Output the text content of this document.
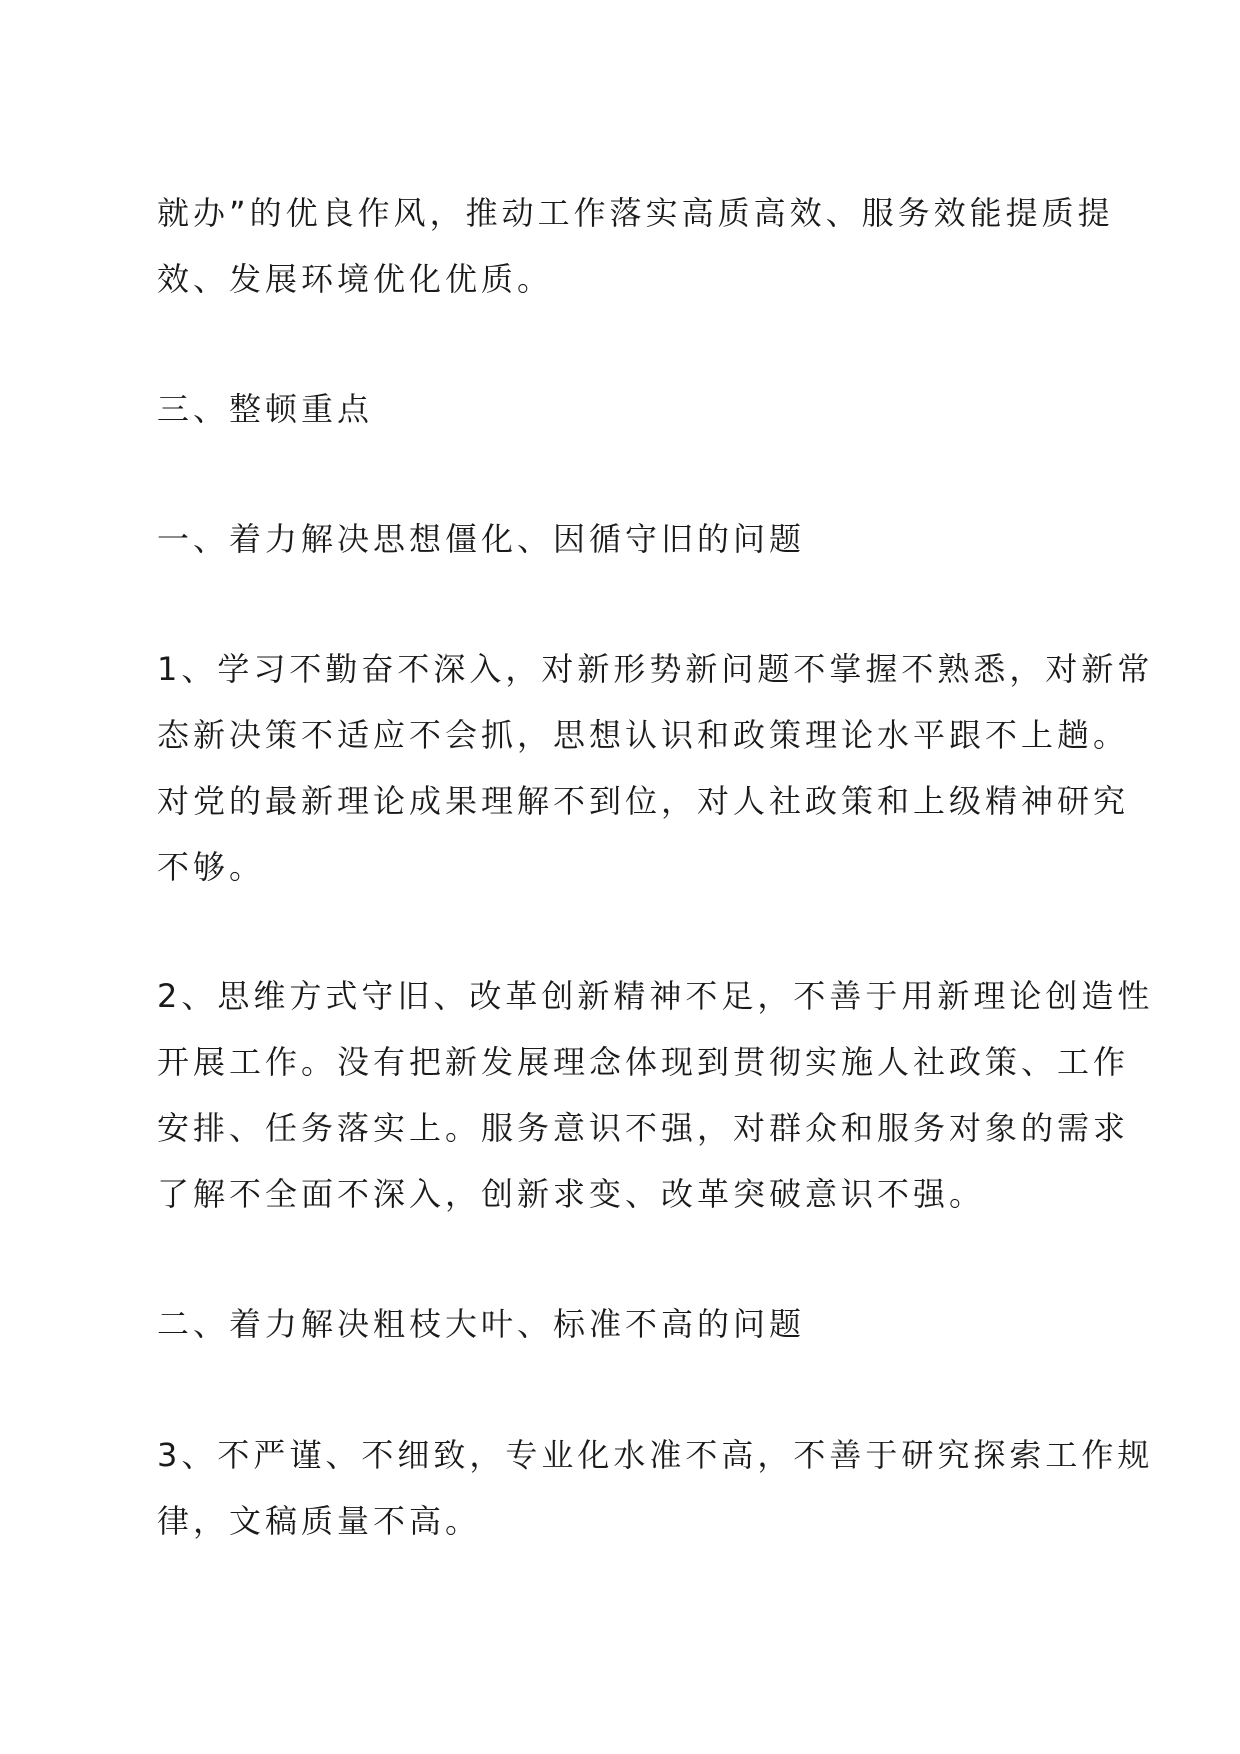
就办”的优良作风，推动工作落实高质高效、服务效能提质提
效、发展环境优化优质。
三、整顿重点
一、着力解决思想僵化、因循守旧的问题
1、学习不勤奋不深入，对新形势新问题不掌握不熟悉，对新常
态新决策不适应不会抓，思想认识和政策理论水平跟不上趟。
对党的最新理论成果理解不到位，对人社政策和上级精神研究
不够。
2、思维方式守旧、改革创新精神不足，不善于用新理论创造性
开展工作。没有把新发展理念体现到贯彻实施人社政策、工作
安排、任务落实上。服务意识不强，对群众和服务对象的需求
了解不全面不深入，创新求变、改革突破意识不强。
二、着力解决粗枝大叶、标准不高的问题
3、不严谨、不细致，专业化水准不高，不善于研究探索工作规
律，文稿质量不高。
